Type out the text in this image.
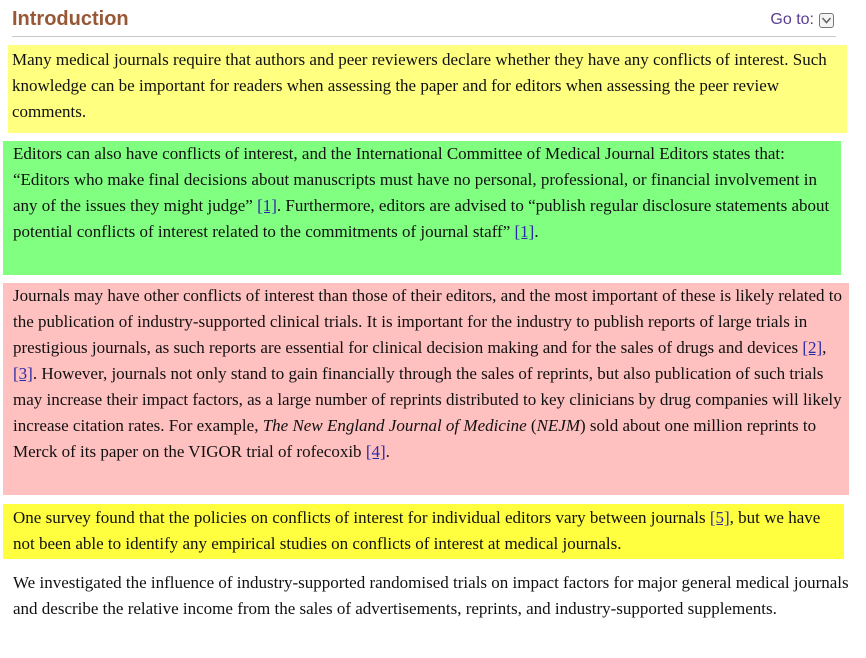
Introduction	Go to:

Many medical journals require that authors and peer reviewers declare whether they have any conflicts of interest. Such knowledge can be important for readers when assessing the paper and for editors when assessing the peer review comments.

Editors can also have conflicts of interest, and the International Committee of Medical Journal Editors states that: “Editors who make final decisions about manuscripts must have no personal, professional, or financial involvement in any of the issues they might judge” [1]. Furthermore, editors are advised to “publish regular disclosure statements about potential conflicts of interest related to the commitments of journal staff” [1].

Journals may have other conflicts of interest than those of their editors, and the most important of these is likely related to the publication of industry-supported clinical trials. It is important for the industry to publish reports of large trials in prestigious journals, as such reports are essential for clinical decision making and for the sales of drugs and devices [2],[3]. However, journals not only stand to gain financially through the sales of reprints, but also publication of such trials may increase their impact factors, as a large number of reprints distributed to key clinicians by drug companies will likely increase citation rates. For example, The New England Journal of Medicine (NEJM) sold about one million reprints to Merck of its paper on the VIGOR trial of rofecoxib [4].

One survey found that the policies on conflicts of interest for individual editors vary between journals [5], but we have not been able to identify any empirical studies on conflicts of interest at medical journals.

We investigated the influence of industry-supported randomised trials on impact factors for major general medical journals and describe the relative income from the sales of advertisements, reprints, and industry-supported supplements.
